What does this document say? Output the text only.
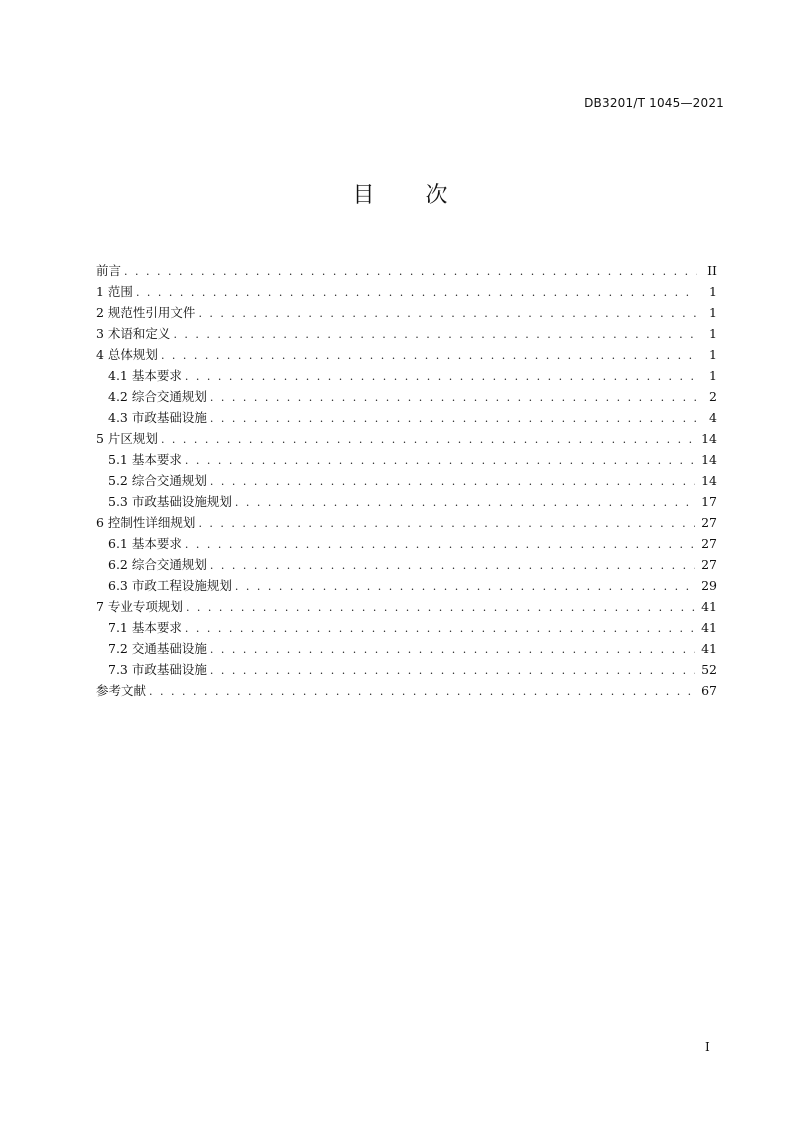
DB3201/T 1045—2021
目 次
前言 . . .	II
1 范围 . . .	1
2 规范性引用文件 . . .	1
3 术语和定义 . . .	1
4 总体规划 . . .	1
4.1 基本要求 . . .	1
4.2 综合交通规划 . . .	2
4.3 市政基础设施 . . .	4
5 片区规划 . . .	14
5.1 基本要求 . . .	14
5.2 综合交通规划 . . .	14
5.3 市政基础设施规划 . . .	17
6 控制性详细规划 . . .	27
6.1 基本要求 . . .	27
6.2 综合交通规划 . . .	27
6.3 市政工程设施规划 . . .	29
7 专业专项规划 . . .	41
7.1 基本要求 . . .	41
7.2 交通基础设施 . . .	41
7.3 市政基础设施 . . .	52
参考文献 . . .	67
I
